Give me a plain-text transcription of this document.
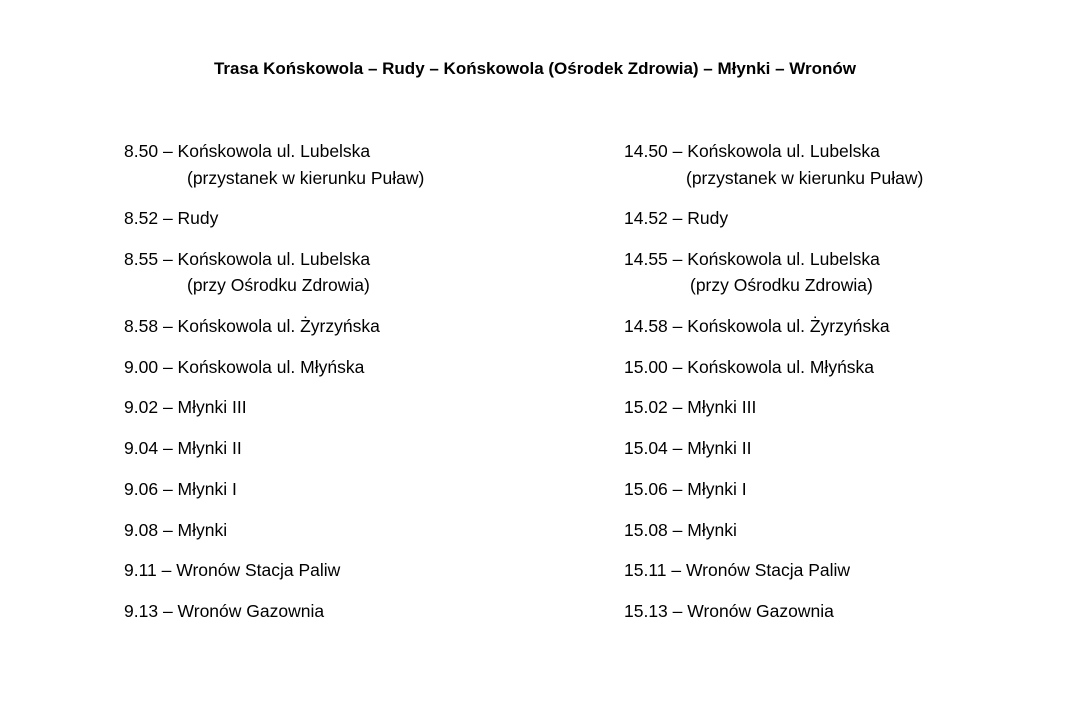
Trasa Końskowola – Rudy – Końskowola (Ośrodek Zdrowia) – Młynki – Wronów
8.50 – Końskowola ul. Lubelska
(przystanek w kierunku Puław)
8.52 – Rudy
8.55 – Końskowola ul. Lubelska
(przy Ośrodku Zdrowia)
8.58 – Końskowola ul. Żyrzyńska
9.00 – Końskowola ul. Młyńska
9.02 – Młynki III
9.04 – Młynki II
9.06 – Młynki I
9.08 – Młynki
9.11 – Wronów Stacja Paliw
9.13 – Wronów Gazownia
14.50 – Końskowola ul. Lubelska
(przystanek w kierunku Puław)
14.52 – Rudy
14.55 – Końskowola ul. Lubelska
(przy Ośrodku Zdrowia)
14.58 – Końskowola ul. Żyrzyńska
15.00 – Końskowola ul. Młyńska
15.02 – Młynki III
15.04 – Młynki II
15.06 – Młynki I
15.08 – Młynki
15.11 – Wronów Stacja Paliw
15.13 – Wronów Gazownia
